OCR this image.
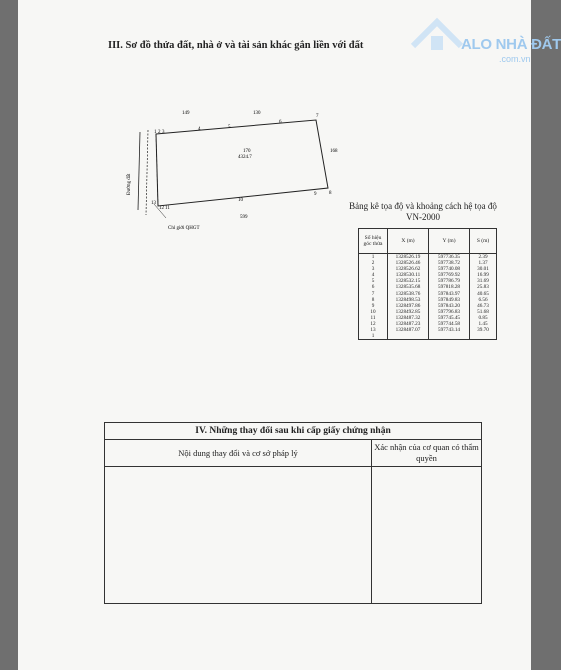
ALO NHÀ ĐẤT
.com.vn
III. Sơ đồ thửa đất, nhà ở và tài sản khác gắn liền với đất
149	130
170
4324.7
168
599
Đường đất
Chỉ giới QHGT
1 2 3
4	5
6
7
8
9
10
11
12
13	Bảng kê tọa độ và khoảng cách hệ tọa độ VN-2000
Số hiệu góc thửa	X (m)	Y (m)	S (m)
1	1328526.19	597736.35	2.39
2	1328526.46	597738.72	1.37
3	1328526.62	597740.08	30.01
4	1328530.11	597769.92	16.99
5	1328532.15	597786.79	31.69
6	1328535.68	597818.28	25.83
7	1328538.76	597843.97	40.65
8	1328498.53	597849.83	6.56
9	1328497.86	597843.20	46.73
10	1328492.85	597796.83	51.68
11	1328487.32	597745.45	0.85
12	1328487.23	597744.58	1.45
13	1328487.07	597743.14	39.70
1			
IV. Những thay đổi sau khi cấp giấy chứng nhận
Nội dung thay đổi và cơ sở pháp lý
Xác nhận của cơ quan có thẩm quyền
